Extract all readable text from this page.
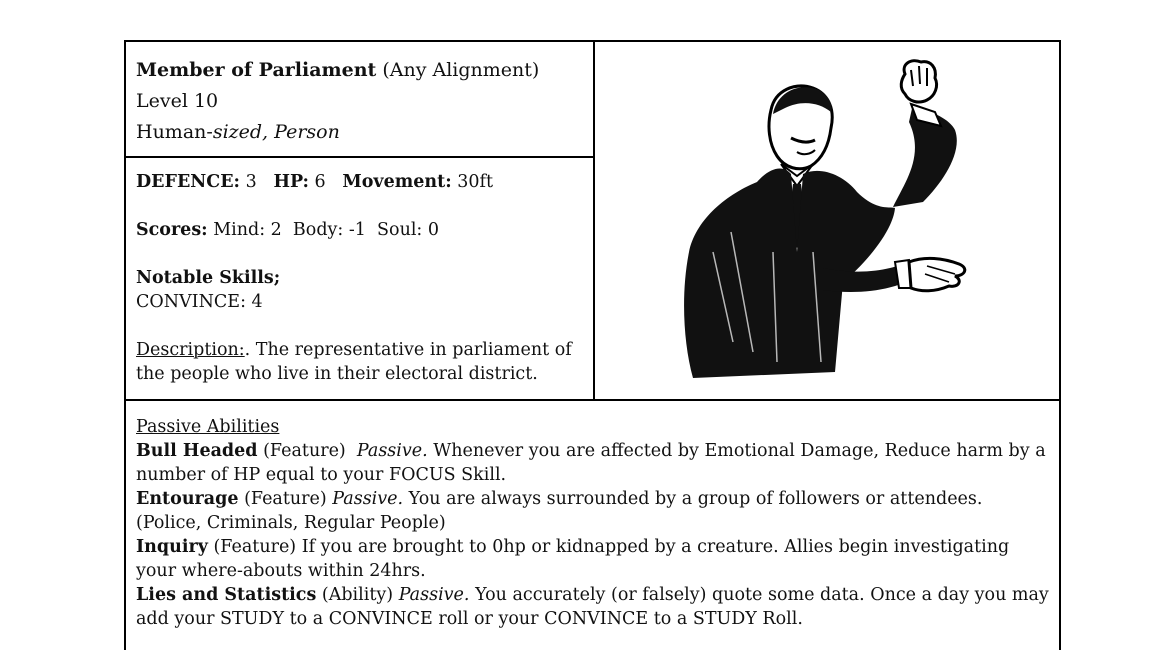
Member of Parliament (Any Alignment)
Level 10
Human-sized, Person

DEFENCE: 3 HP: 6 Movement: 30ft

Scores: Mind: 2  Body: -1  Soul: 0

Notable Skills;

CONVINCE: 4

Description:. The representative in parliament of the people who live in their electoral district.

Passive Abilities

Bull Headed (Feature) Passive. Whenever you are affected by Emotional Damage, Reduce harm by a number of HP equal to your FOCUS Skill.

Entourage (Feature) Passive. You are always surrounded by a group of followers or attendees. (Police, Criminals, Regular People)

Inquiry (Feature) If you are brought to 0hp or kidnapped by a creature. Allies begin investigating your where-abouts within 24hrs.

Lies and Statistics (Ability) Passive. You accurately (or falsely) quote some data. Once a day you may add your STUDY to a CONVINCE roll or your CONVINCE to a STUDY Roll.
